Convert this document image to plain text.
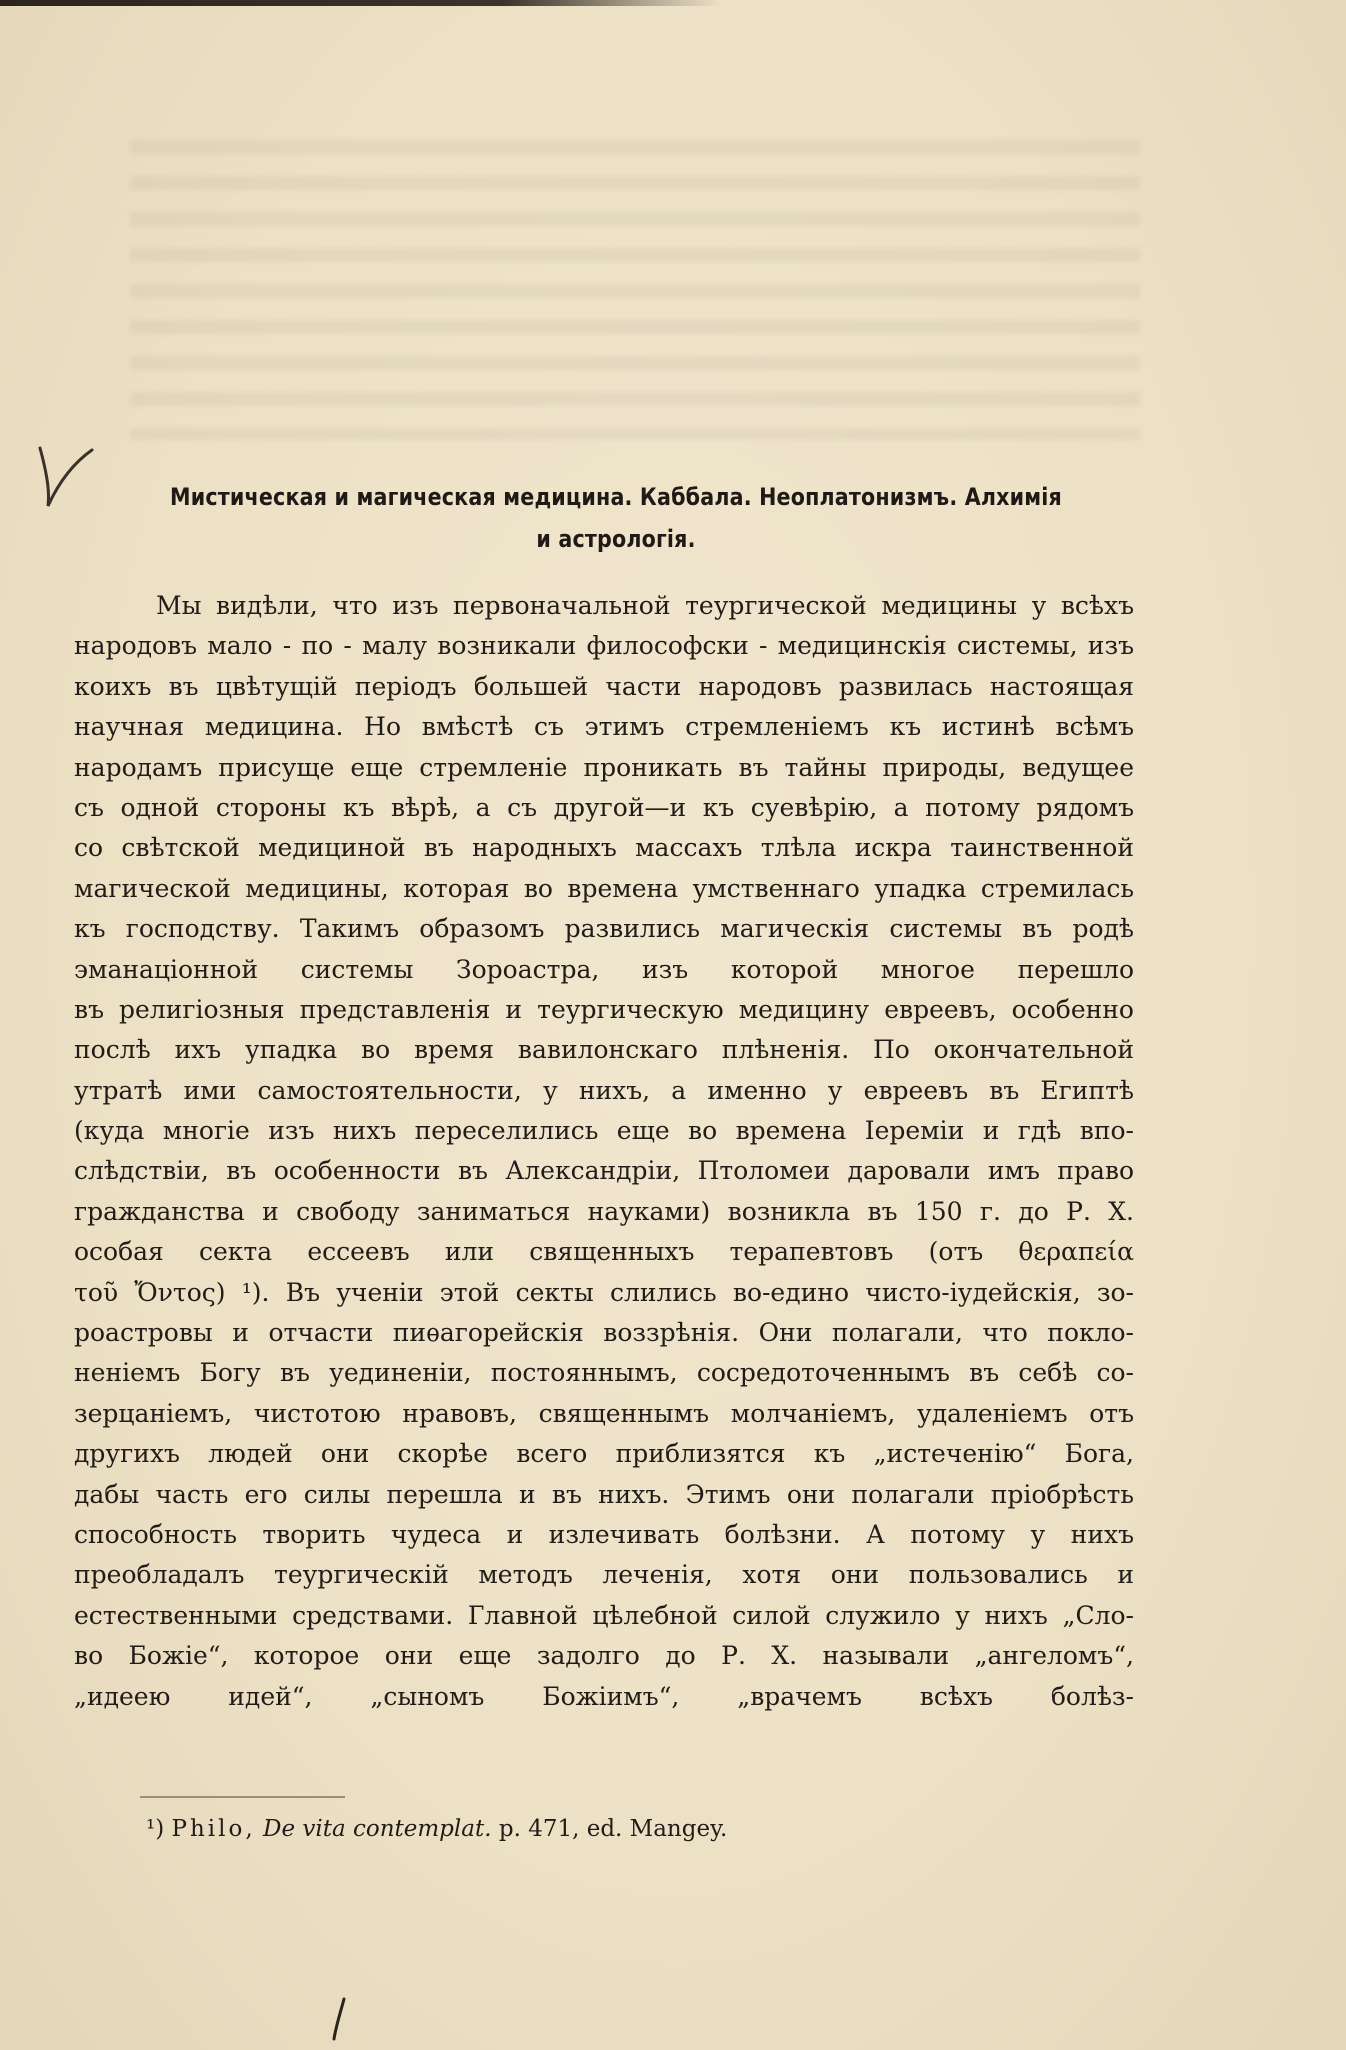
Мистическая и магическая медицина. Каббала. Неоплатонизмъ. Алхимія
и астрологія.
Мы видѣли, что изъ первоначальной теургической медицины у всѣхъ
народовъ мало - по - малу возникали философски - медицинскія системы, изъ
коихъ въ цвѣтущій періодъ большей части народовъ развилась настоящая
научная медицина. Но вмѣстѣ съ этимъ стремленіемъ къ истинѣ всѣмъ
народамъ присуще еще стремленіе проникать въ тайны природы, ведущее
съ одной стороны къ вѣрѣ, а съ другой—и къ суевѣрію, а потому рядомъ
со свѣтской медициной въ народныхъ массахъ тлѣла искра таинственной
магической медицины, которая во времена умственнаго упадка стремилась
къ господству. Такимъ образомъ развились магическія системы въ родѣ
эманаціонной системы Зороастра, изъ которой многое перешло
въ религіозныя представленія и теургическую медицину евреевъ, особенно
послѣ ихъ упадка во время вавилонскаго плѣненія. По окончательной
утратѣ ими самостоятельности, у нихъ, а именно у евреевъ въ Египтѣ
(куда многіе изъ нихъ переселились еще во времена Іереміи и гдѣ впо-
слѣдствіи, въ особенности въ Александріи, Птоломеи даровали имъ право
гражданства и свободу заниматься науками) возникла въ 150 г. до Р. Х.
особая секта ессеевъ или священныхъ терапевтовъ (отъ θεραπεία
τοῦ Ὄντος) ¹). Въ ученіи этой секты слились во-едино чисто-іудейскія, зо-
роастровы и отчасти пиѳагорейскія воззрѣнія. Они полагали, что покло-
неніемъ Богу въ уединеніи, постояннымъ, сосредоточеннымъ въ себѣ со-
зерцаніемъ, чистотою нравовъ, священнымъ молчаніемъ, удаленіемъ отъ
другихъ людей они скорѣе всего приблизятся къ „истеченію“ Бога,
дабы часть его силы перешла и въ нихъ. Этимъ они полагали пріобрѣсть
способность творить чудеса и излечивать болѣзни. А потому у нихъ
преобладалъ теургическій методъ леченія, хотя они пользовались и
естественными средствами. Главной цѣлебной силой служило у нихъ „Сло-
во Божіе“, которое они еще задолго до Р. Х. называли „ангеломъ“,
„идеею идей“, „сыномъ Божіимъ“, „врачемъ всѣхъ болѣз-
¹) Philo, De vita contemplat. p. 471, ed. Mangey.
